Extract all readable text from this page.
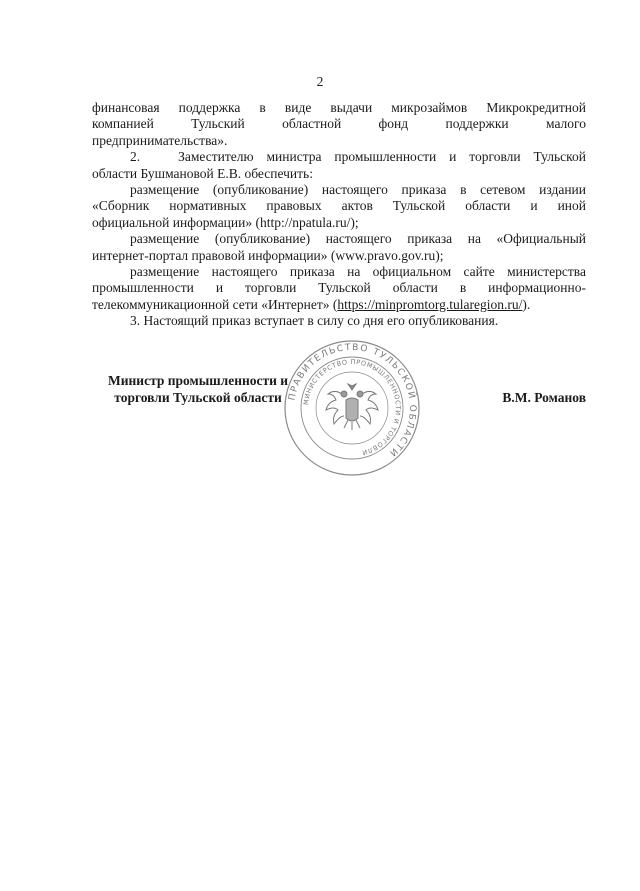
2

финансовая поддержка в виде выдачи микрозаймов Микрокредитной

компанией Тульский областной фонд поддержки малого

предпринимательства».

2.	Заместителю министра промышленности и торговли Тульской

области Бушмановой Е.В. обеспечить:

размещение (опубликование) настоящего приказа в сетевом издании

«Сборник нормативных правовых актов Тульской области и иной

официальной информации» (http://npatula.ru/);

размещение (опубликование) настоящего приказа на «Официальный

интернет-портал правовой информации» (www.pravo.gov.ru);

размещение настоящего приказа на официальном сайте министерства

промышленности и торговли Тульской области в информационно-

телекоммуникационной сети «Интернет» (https://minpromtorg.tularegion.ru/).

3. Настоящий приказ вступает в силу со дня его опубликования.

ПРАВИТЕЛЬСТВО ТУЛЬСКОЙ ОБЛАСТИ
МИНИСТЕРСТВО ПРОМЫШЛЕННОСТИ И ТОРГОВЛИ
Министр промышленности и
торговли Тульской области	В.М. Романов
